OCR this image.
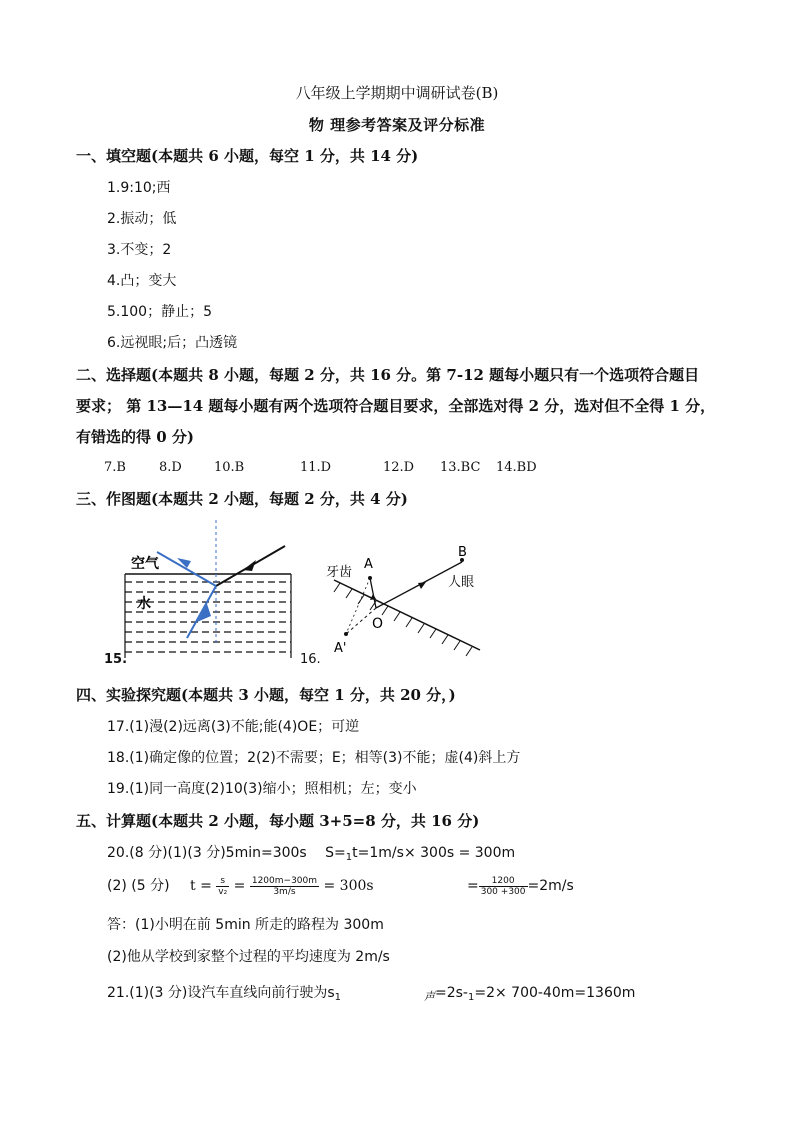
八年级上学期期中调研试卷(B)
物 理参考答案及评分标准
一、填空题(本题共 6 小题，每空 1 分，共 14 分)
1.9:10;西
2.振动；低
3.不变；2
4.凸；变大
5.100；静止；5
6.远视眼;后；凸透镜
二、选择题(本题共 8 小题，每题 2 分，共 16 分。第 7-12 题每小题只有一个选项符合题目
要求； 第 13—14 题每小题有两个选项符合题目要求，全部选对得 2 分，选对但不全得 1 分，
有错选的得 0 分)
7.B	8.D 10.B	11.D	12.D 13.BC 14.BD
三、作图题(本题共 2 小题，每题 2 分，共 4 分)
空气
水
15.
A
B
O
A'
牙齿
人眼
16.
四、实验探究题(本题共 3 小题，每空 1 分，共 20 分，)
17.(1)漫(2)远离(3)不能;能(4)OE；可逆
18.(1)确定像的位置；2(2)不需要；E；相等(3)不能；虚(4)斜上方
19.(1)同一高度(2)10(3)缩小；照相机；左；变小
五、计算题(本题共 2 小题，每小题 3+5=8 分，共 16 分)
20.(8 分)(1)(3 分)5min=300s $S=_1t=1m/s\times 300s = 300m$
(2) (5 分) $t = \frac{s}{\text{v₂}} = \frac{1200m-300m}{3m/s} = 300s$	= $\frac{1200}{300 +300} =2m/s$
答：(1)小明在前 5min 所走的路程为 300m
(2)他从学校到家整个过程的平均速度为 2m/s
21.(1)(3 分)设汽车直线向前行驶为$s_1$	$_声=2s-_1=2\times 700-40m=1360m$
